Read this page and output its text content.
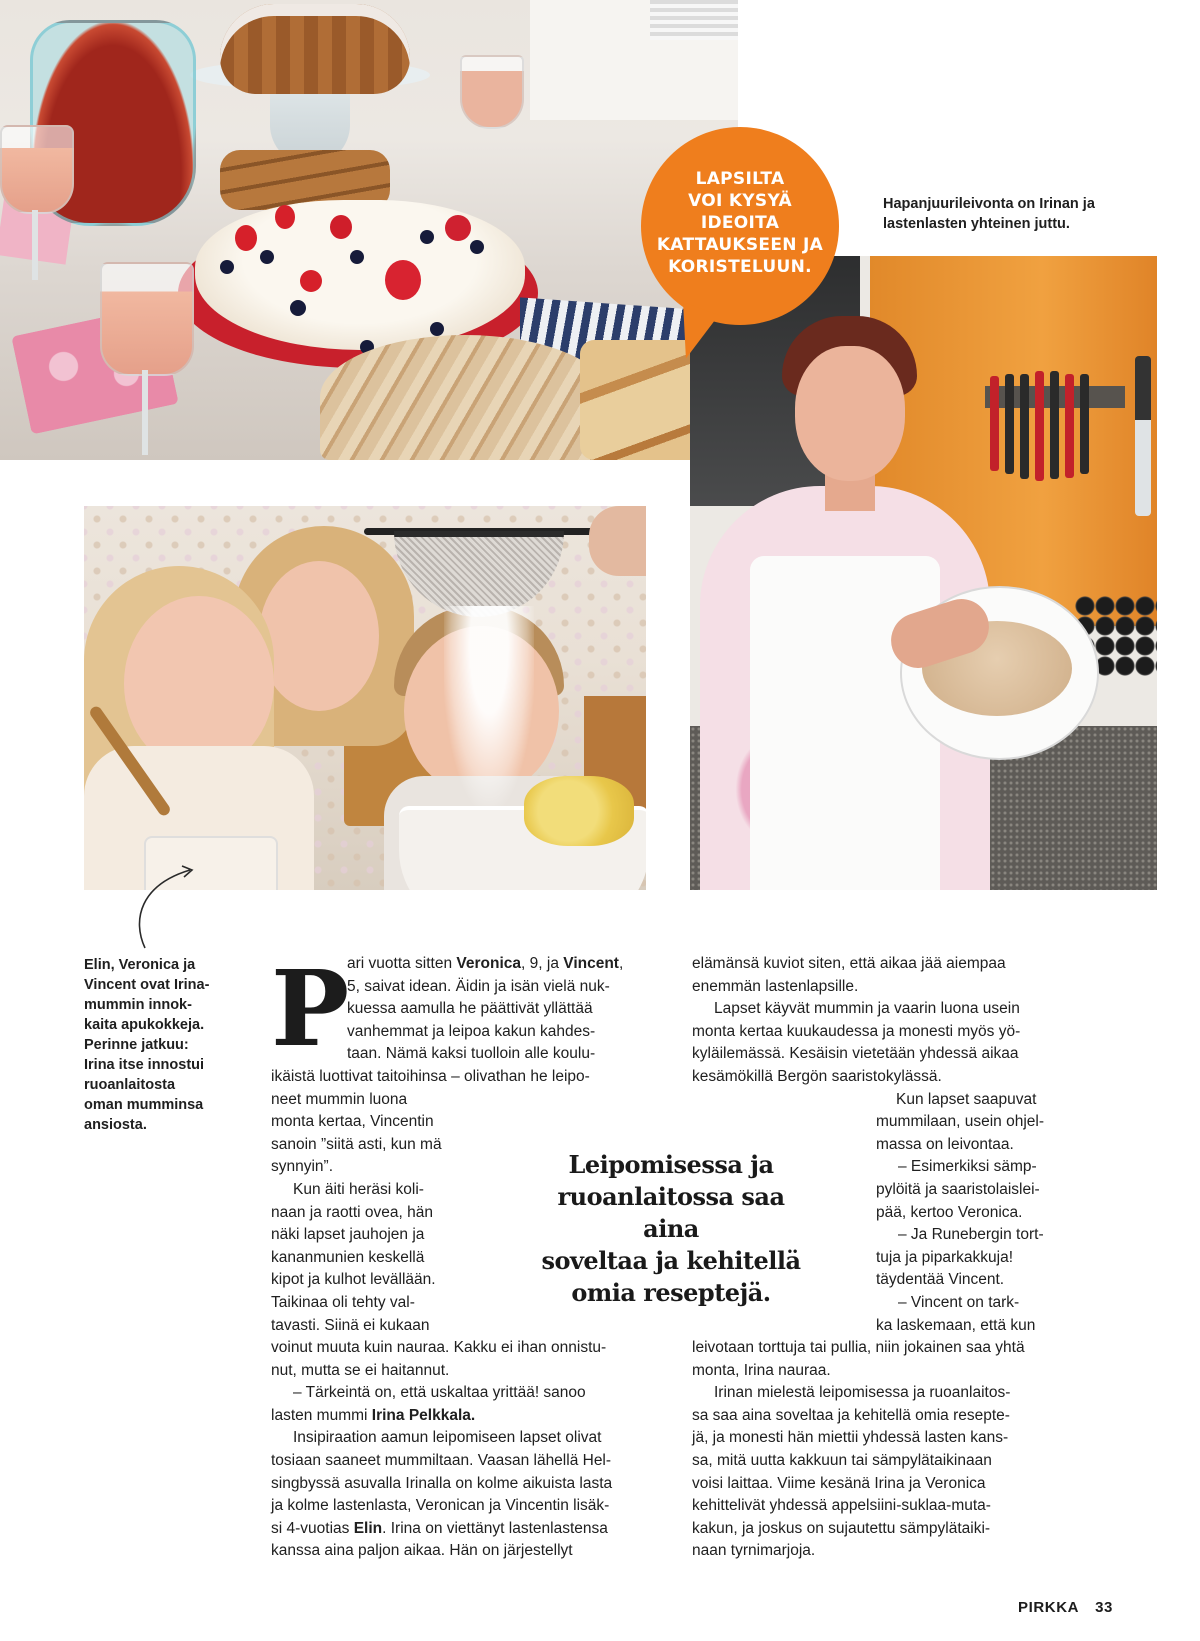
LAPSILTA
VOI KYSYÄ IDEOITA
KATTAUKSEEN JA
KORISTELUUN.
Hapanjuurileivonta on Irinan ja
lastenlasten yhteinen juttu.
Elin, Veronica ja
Vincent ovat Irina-
mummin innok-
kaita apukokkeja.
Perinne jatkuu:
Irina itse innostui
ruoanlaitosta
oman mumminsa
ansiosta.
P
ari vuotta sitten Veronica, 9, ja Vincent,
5, saivat idean. Äidin ja isän vielä nuk-
kuessa aamulla he päättivät yllättää
vanhemmat ja leipoa kakun kahdes-
taan. Nämä kaksi tuolloin alle koulu-
ikäistä luottivat taitoihinsa – olivathan he leipo-
neet mummin luona
monta kertaa, Vincentin
sanoin ”siitä asti, kun mä
synnyin”.
Kun äiti heräsi koli-
naan ja raotti ovea, hän
näki lapset jauhojen ja
kananmunien keskellä
kipot ja kulhot levällään.
Taikinaa oli tehty val-
tavasti. Siinä ei kukaan
voinut muuta kuin nauraa. Kakku ei ihan onnistu-
nut, mutta se ei haitannut.
– Tärkeintä on, että uskaltaa yrittää! sanoo
lasten mummi Irina Pelkkala.
Insipiraation aamun leipomiseen lapset olivat
tosiaan saaneet mummiltaan. Vaasan lähellä Hel-
singbyssä asuvalla Irinalla on kolme aikuista lasta
ja kolme lastenlasta, Veronican ja Vincentin lisäk-
si 4-vuotias Elin. Irina on viettänyt lastenlastensa
kanssa aina paljon aikaa. Hän on järjestellyt
elämänsä kuviot siten, että aikaa jää aiempaa
enemmän lastenlapsille.
Lapset käyvät mummin ja vaarin luona usein
monta kertaa kuukaudessa ja monesti myös yö-
kyläilemässä. Kesäisin vietetään yhdessä aikaa
kesämökillä Bergön saaristokylässä.
Kun lapset saapuvat
mummilaan, usein ohjel-
massa on leivontaa.
– Esimerkiksi sämp-
pylöitä ja saaristolaislei-
pää, kertoo Veronica.
– Ja Runebergin tort-
tuja ja piparkakkuja!
täydentää Vincent.
– Vincent on tark-
ka laskemaan, että kun
leivotaan torttuja tai pullia, niin jokainen saa yhtä
monta, Irina nauraa.
Irinan mielestä leipomisessa ja ruoanlaitos-
sa saa aina soveltaa ja kehitellä omia resepte-
jä, ja monesti hän miettii yhdessä lasten kans-
sa, mitä uutta kakkuun tai sämpylätaikinaan
voisi laittaa. Viime kesänä Irina ja Veronica
kehittelivät yhdessä appelsiini-suklaa-muta-
kakun, ja joskus on sujautettu sämpylätaiki-
naan tyrnimarjoja.
Leipomisessa ja
ruoanlaitossa saa aina
soveltaa ja kehitellä
omia reseptejä.
PIRKKA 33
